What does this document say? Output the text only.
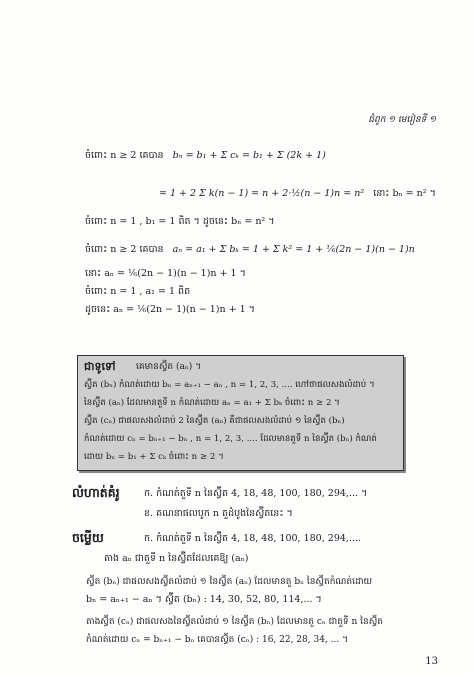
ជំពូក ១ មេរៀនទី ១
ចំពោះ n ≥ 2 គេបាន bₙ = b₁ + Σ cₖ = b₁ + Σ (2k + 1)
= 1 + 2 Σ k(n − 1) = n + 2·½(n − 1)n = n² នោះ bₙ = n² ។
ចំពោះ n = 1 , b₁ = 1 ពិត ។ ដូចនេះ bₙ = n² ។
ចំពោះ n ≥ 2 គេបាន aₙ = a₁ + Σ bₖ = 1 + Σ k² = 1 + ⅙(2n − 1)(n − 1)n
នោះ aₙ = ⅙(2n − 1)(n − 1)n + 1 ។
ចំពោះ n = 1 , a₁ = 1 ពិត
ដូចនេះ aₙ = ⅙(2n − 1)(n − 1)n + 1 ។
ជាទូទៅ គេមានស្វ៊ីត (aₙ) ។
ស្វ៊ីត (bₙ) កំណត់ដោយ bₙ = aₙ₊₁ − aₙ , n = 1, 2, 3, .... ហៅថាផលសងលំដាប់ ។
នៃស្វ៊ីត (aₙ) ដែលមានតួទី n កំណត់ដោយ aₙ = a₁ + Σ bₖ ចំពោះ n ≥ 2 ។
ស្វ៊ីត (cₙ) ជាផលសងលំដាប់ 2 នៃស្វ៊ីត (aₙ) គឺជាផលសងលំដាប់ ១ នៃស្វ៊ីត (bₙ)
កំណត់ដោយ cₙ = bₙ₊₁ − bₙ , n = 1, 2, 3, .... ដែលមានតួទី n នៃស្វ៊ីត (bₙ) កំណត់
ដោយ bₙ = b₁ + Σ cₖ ចំពោះ n ≥ 2 ។
លំហាត់គំរូ	ក. កំណត់តួទី n នៃស្វ៊ីត 4, 18, 48, 100, 180, 294,... ។
ខ. គណនាផលបូក n តួដំបូងនៃស្វ៊ីតនេះ ។
ចម្លើយ	ក. កំណត់តួទី n នៃស្វ៊ីត 4, 18, 48, 100, 180, 294,....
តាង aₙ ជាតួទី n នៃស្វ៊ីតដែលគេឱ្យ (aₙ)
ស្វ៊ីត (bₙ) ជាផលសងស្វ៊ីតលំដាប់ ១ នៃស្វ៊ីត (aₙ) ដែលមានតួ bₙ នៃស្វ៊ីតកំណត់ដោយ
bₙ = aₙ₊₁ − aₙ ។ ស្វ៊ីត (bₙ) : 14, 30, 52, 80, 114,... ។
តាងស្វ៊ីត (cₙ) ជាផលសងនៃស្វ៊ីតលំដាប់ ១ នៃស្វ៊ីត (bₙ) ដែលមានតួ cₙ ជាតួទី n នៃស្វ៊ីត
កំណត់ដោយ cₙ = bₙ₊₁ − bₙ គេបានស្វ៊ីត (cₙ) : 16, 22, 28, 34, ... ។
13
